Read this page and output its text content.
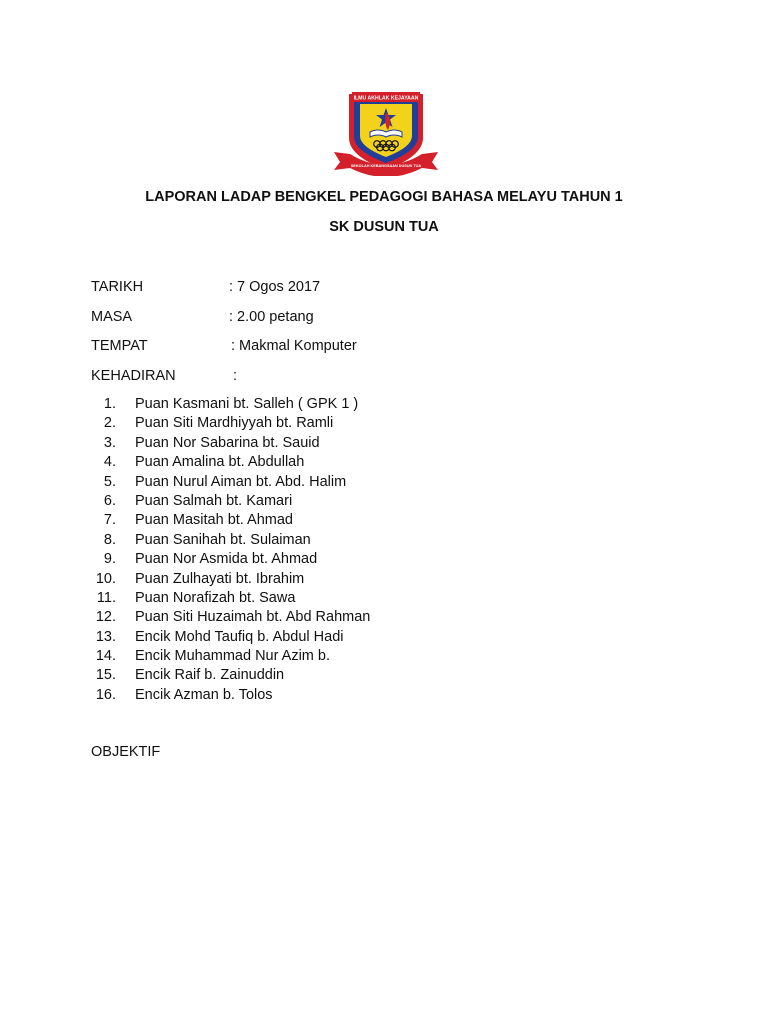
ILMU AKHLAK KEJAYAAN
SEKOLAH KEBANGSAAN DUSUN TUA
LAPORAN LADAP BENGKEL PEDAGOGI BAHASA MELAYU TAHUN 1
SK DUSUN TUA
TARIKH	: 7 Ogos 2017
MASA	: 2.00 petang
TEMPAT	: Makmal Komputer
KEHADIRAN	:
1. Puan Kasmani bt. Salleh ( GPK 1 )
2. Puan Siti Mardhiyyah bt. Ramli
3. Puan Nor Sabarina bt. Sauid
4. Puan Amalina bt. Abdullah
5. Puan Nurul Aiman bt. Abd. Halim
6. Puan Salmah bt. Kamari
7. Puan Masitah bt. Ahmad
8. Puan Sanihah bt. Sulaiman
9. Puan Nor Asmida bt. Ahmad
10. Puan Zulhayati bt. Ibrahim
11. Puan Norafizah bt. Sawa
12. Puan Siti Huzaimah bt. Abd Rahman
13. Encik Mohd Taufiq b. Abdul Hadi
14. Encik Muhammad Nur Azim b.
15. Encik Raif b. Zainuddin
16. Encik Azman b. Tolos
OBJEKTIF
